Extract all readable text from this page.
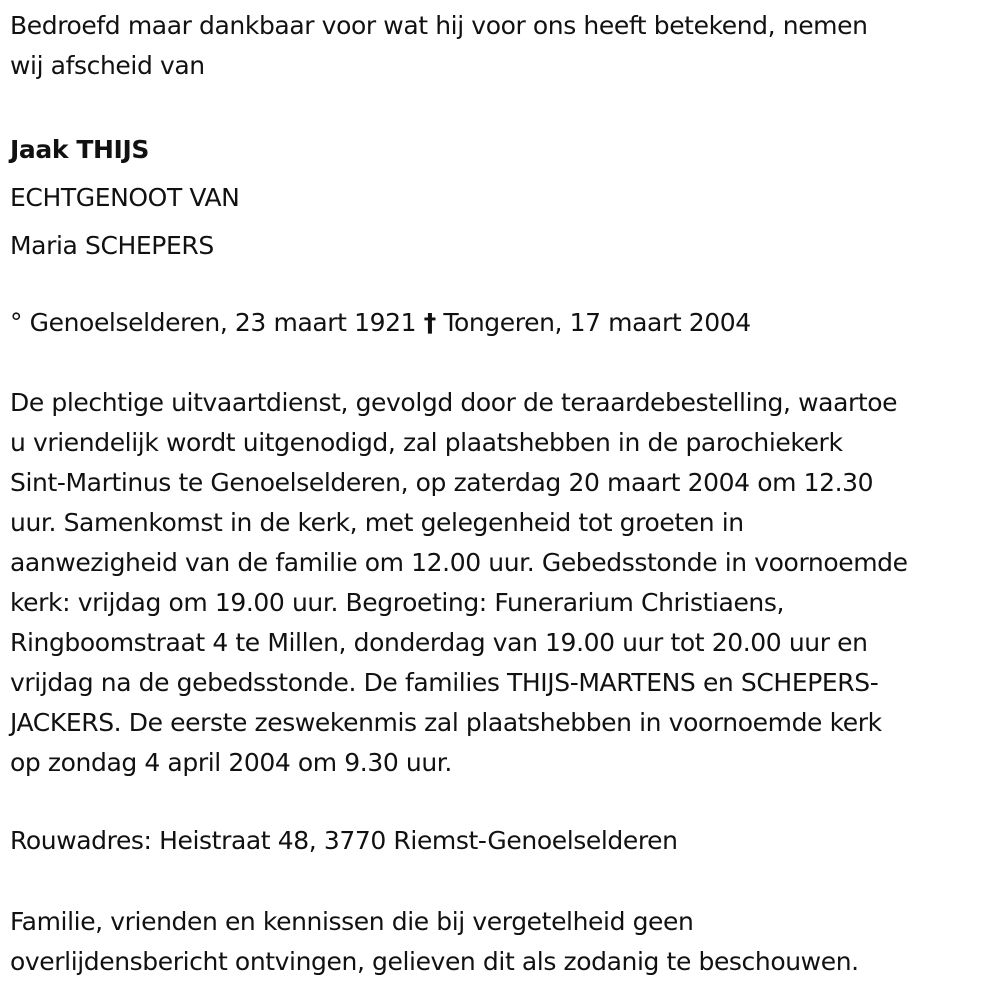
Bedroefd maar dankbaar voor wat hij voor ons heeft betekend, nemen

wij afscheid van

Jaak THIJS

ECHTGENOOT VAN

Maria SCHEPERS

° Genoelselderen, 23 maart 1921 † Tongeren, 17 maart 2004

De plechtige uitvaartdienst, gevolgd door de teraardebestelling, waartoe

u vriendelijk wordt uitgenodigd, zal plaatshebben in de parochiekerk

Sint-Martinus te Genoelselderen, op zaterdag 20 maart 2004 om 12.30

uur. Samenkomst in de kerk, met gelegenheid tot groeten in

aanwezigheid van de familie om 12.00 uur. Gebedsstonde in voornoemde

kerk: vrijdag om 19.00 uur. Begroeting: Funerarium Christiaens,

Ringboomstraat 4 te Millen, donderdag van 19.00 uur tot 20.00 uur en

vrijdag na de gebedsstonde. De families THIJS-MARTENS en SCHEPERS-

JACKERS. De eerste zeswekenmis zal plaatshebben in voornoemde kerk

op zondag 4 april 2004 om 9.30 uur.

Rouwadres: Heistraat 48, 3770 Riemst-Genoelselderen

Familie, vrienden en kennissen die bij vergetelheid geen

overlijdensbericht ontvingen, gelieven dit als zodanig te beschouwen.
